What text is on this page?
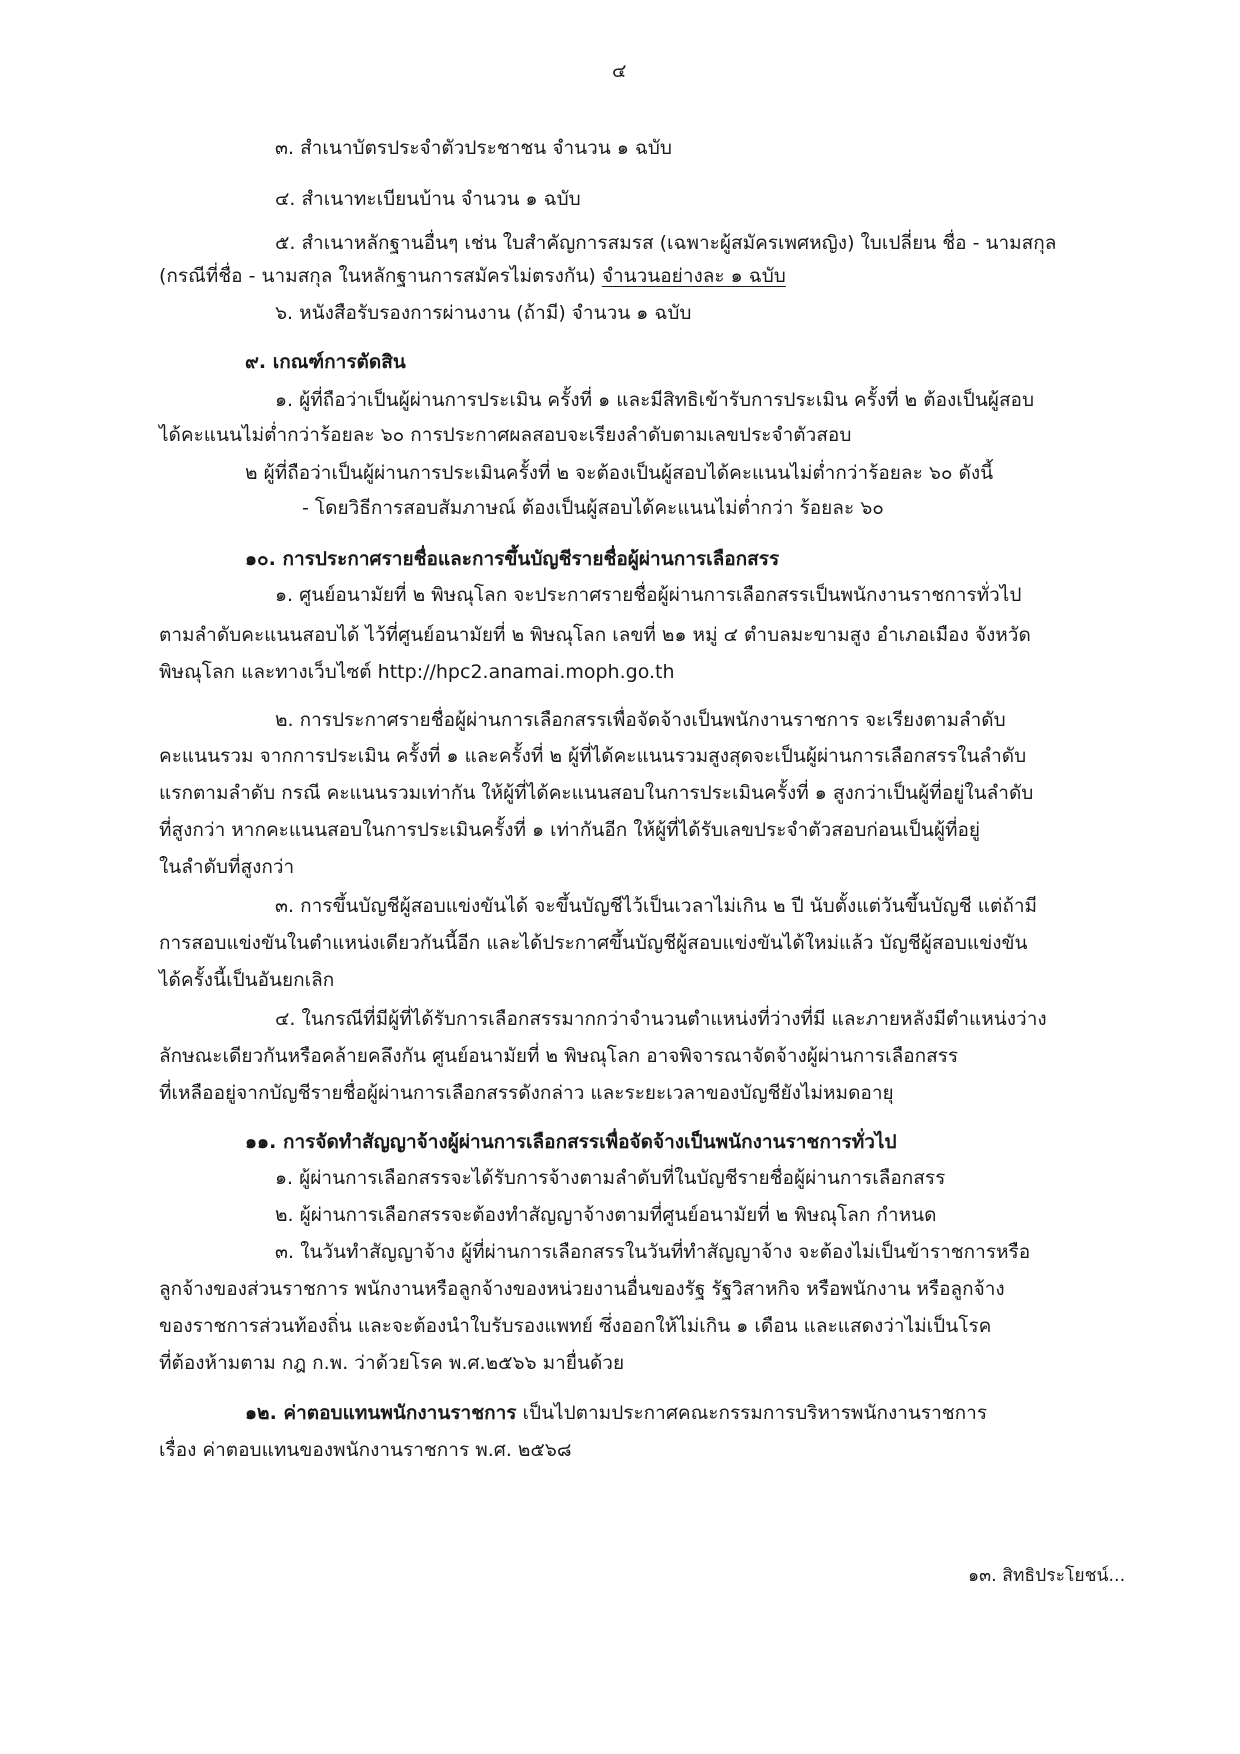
๔

๓. สำเนาบัตรประจำตัวประชาชน จำนวน ๑ ฉบับ

๔. สำเนาทะเบียนบ้าน จำนวน ๑ ฉบับ

๕. สำเนาหลักฐานอื่นๆ เช่น ใบสำคัญการสมรส (เฉพาะผู้สมัครเพศหญิง) ใบเปลี่ยน ชื่อ - นามสกุล

(กรณีที่ชื่อ - นามสกุล ในหลักฐานการสมัครไม่ตรงกัน) จำนวนอย่างละ ๑ ฉบับ

๖. หนังสือรับรองการผ่านงาน (ถ้ามี) จำนวน ๑ ฉบับ

๙. เกณฑ์การตัดสิน

๑. ผู้ที่ถือว่าเป็นผู้ผ่านการประเมิน ครั้งที่ ๑ และมีสิทธิเข้ารับการประเมิน ครั้งที่ ๒ ต้องเป็นผู้สอบ

ได้คะแนนไม่ต่ำกว่าร้อยละ ๖๐ การประกาศผลสอบจะเรียงลำดับตามเลขประจำตัวสอบ

๒ ผู้ที่ถือว่าเป็นผู้ผ่านการประเมินครั้งที่ ๒ จะต้องเป็นผู้สอบได้คะแนนไม่ต่ำกว่าร้อยละ ๖๐ ดังนี้

- โดยวิธีการสอบสัมภาษณ์ ต้องเป็นผู้สอบได้คะแนนไม่ต่ำกว่า ร้อยละ ๖๐

๑๐. การประกาศรายชื่อและการขึ้นบัญชีรายชื่อผู้ผ่านการเลือกสรร

๑. ศูนย์อนามัยที่ ๒ พิษณุโลก จะประกาศรายชื่อผู้ผ่านการเลือกสรรเป็นพนักงานราชการทั่วไป

ตามลำดับคะแนนสอบได้ ไว้ที่ศูนย์อนามัยที่ ๒ พิษณุโลก เลขที่ ๒๑ หมู่ ๔ ตำบลมะขามสูง อำเภอเมือง จังหวัด

พิษณุโลก และทางเว็บไซต์ http://hpc2.anamai.moph.go.th

๒. การประกาศรายชื่อผู้ผ่านการเลือกสรรเพื่อจัดจ้างเป็นพนักงานราชการ จะเรียงตามลำดับ

คะแนนรวม จากการประเมิน ครั้งที่ ๑ และครั้งที่ ๒ ผู้ที่ได้คะแนนรวมสูงสุดจะเป็นผู้ผ่านการเลือกสรรในลำดับ

แรกตามลำดับ กรณี คะแนนรวมเท่ากัน ให้ผู้ที่ได้คะแนนสอบในการประเมินครั้งที่ ๑ สูงกว่าเป็นผู้ที่อยู่ในลำดับ

ที่สูงกว่า หากคะแนนสอบในการประเมินครั้งที่ ๑ เท่ากันอีก ให้ผู้ที่ได้รับเลขประจำตัวสอบก่อนเป็นผู้ที่อยู่

ในลำดับที่สูงกว่า

๓. การขึ้นบัญชีผู้สอบแข่งขันได้ จะขึ้นบัญชีไว้เป็นเวลาไม่เกิน ๒ ปี นับตั้งแต่วันขึ้นบัญชี แต่ถ้ามี

การสอบแข่งขันในตำแหน่งเดียวกันนี้อีก และได้ประกาศขึ้นบัญชีผู้สอบแข่งขันได้ใหม่แล้ว บัญชีผู้สอบแข่งขัน

ได้ครั้งนี้เป็นอันยกเลิก

๔. ในกรณีที่มีผู้ที่ได้รับการเลือกสรรมากกว่าจำนวนตำแหน่งที่ว่างที่มี และภายหลังมีตำแหน่งว่าง

ลักษณะเดียวกันหรือคล้ายคลึงกัน ศูนย์อนามัยที่ ๒ พิษณุโลก อาจพิจารณาจัดจ้างผู้ผ่านการเลือกสรร

ที่เหลืออยู่จากบัญชีรายชื่อผู้ผ่านการเลือกสรรดังกล่าว และระยะเวลาของบัญชียังไม่หมดอายุ

๑๑. การจัดทำสัญญาจ้างผู้ผ่านการเลือกสรรเพื่อจัดจ้างเป็นพนักงานราชการทั่วไป

๑. ผู้ผ่านการเลือกสรรจะได้รับการจ้างตามลำดับที่ในบัญชีรายชื่อผู้ผ่านการเลือกสรร

๒. ผู้ผ่านการเลือกสรรจะต้องทำสัญญาจ้างตามที่ศูนย์อนามัยที่ ๒ พิษณุโลก กำหนด

๓. ในวันทำสัญญาจ้าง ผู้ที่ผ่านการเลือกสรรในวันที่ทำสัญญาจ้าง จะต้องไม่เป็นข้าราชการหรือ

ลูกจ้างของส่วนราชการ พนักงานหรือลูกจ้างของหน่วยงานอื่นของรัฐ รัฐวิสาหกิจ หรือพนักงาน หรือลูกจ้าง

ของราชการส่วนท้องถิ่น และจะต้องนำใบรับรองแพทย์ ซึ่งออกให้ไม่เกิน ๑ เดือน และแสดงว่าไม่เป็นโรค

ที่ต้องห้ามตาม กฎ ก.พ. ว่าด้วยโรค พ.ศ.๒๕๖๖ มายื่นด้วย

๑๒. ค่าตอบแทนพนักงานราชการ เป็นไปตามประกาศคณะกรรมการบริหารพนักงานราชการ

เรื่อง ค่าตอบแทนของพนักงานราชการ พ.ศ. ๒๕๖๘

๑๓. สิทธิประโยชน์...
